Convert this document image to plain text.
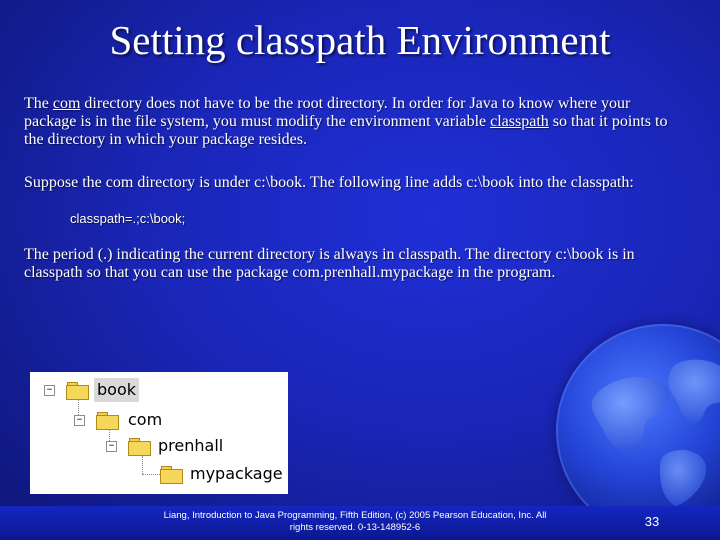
Setting classpath Environment
The com directory does not have to be the root directory. In order for Java to know where your package is in the file system, you must modify the environment variable classpath so that it points to the directory in which your package resides.
Suppose the com directory is under c:\book. The following line adds c:\book into the classpath:
classpath=.;c:\book;
The period (.) indicating the current directory is always in classpath. The directory c:\book is in classpath so that you can use the package com.prenhall.mypackage in the program.
−	book
−	com
−	prenhall
mypackage
Liang, Introduction to Java Programming, Fifth Edition, (c) 2005 Pearson Education, Inc. All
rights reserved. 0-13-148952-6	33
